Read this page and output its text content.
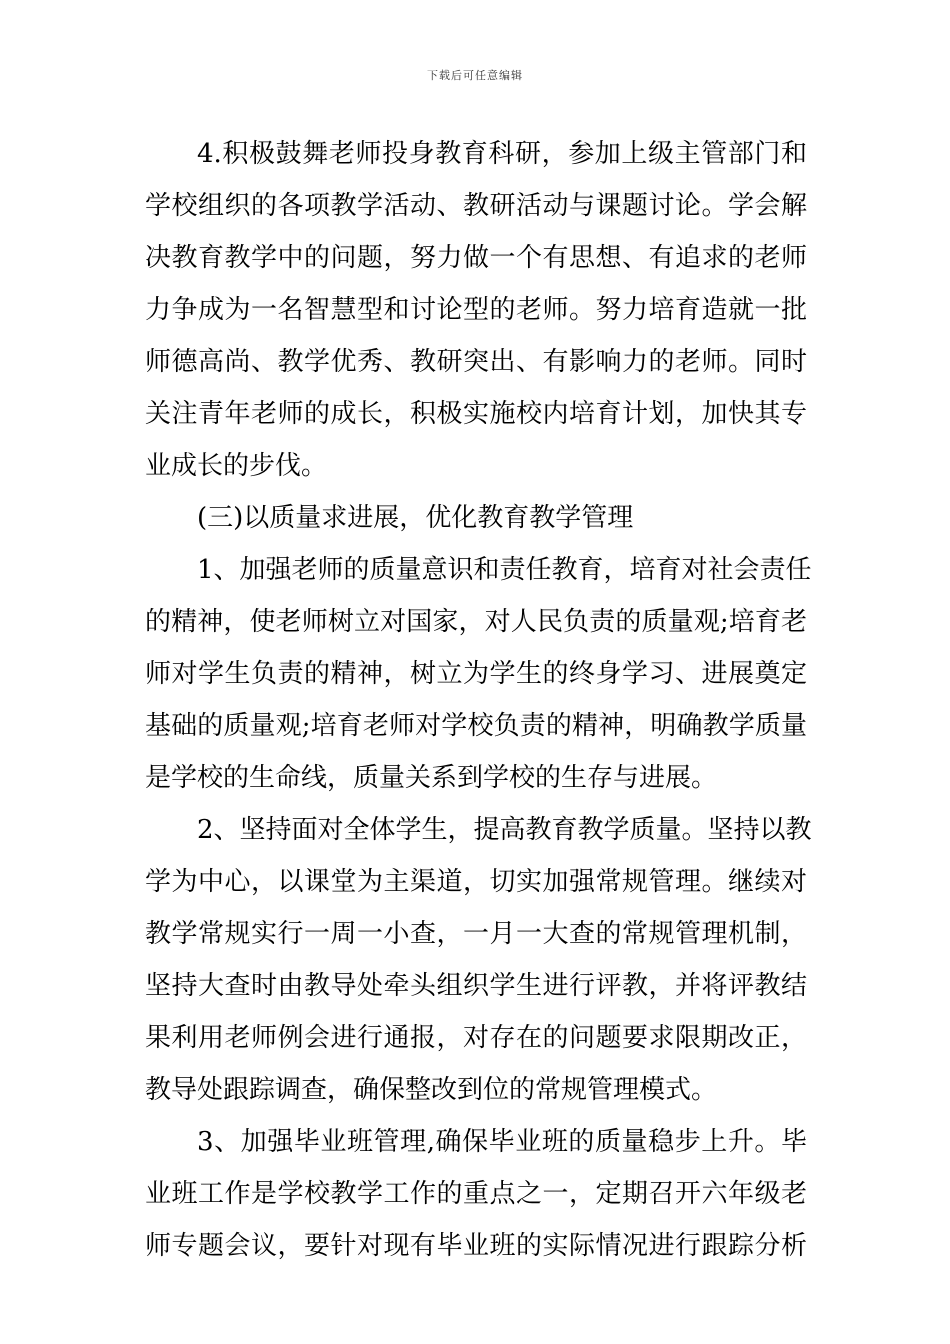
下载后可任意编辑
4.积极鼓舞老师投身教育科研，参加上级主管部门和
学校组织的各项教学活动、教研活动与课题讨论。学会解
决教育教学中的问题，努力做一个有思想、有追求的老师
力争成为一名智慧型和讨论型的老师。努力培育造就一批
师德高尚、教学优秀、教研突出、有影响力的老师。同时
关注青年老师的成长，积极实施校内培育计划，加快其专
业成长的步伐。
(三)以质量求进展，优化教育教学管理
1、加强老师的质量意识和责任教育，培育对社会责任
的精神，使老师树立对国家，对人民负责的质量观;培育老
师对学生负责的精神，树立为学生的终身学习、进展奠定
基础的质量观;培育老师对学校负责的精神，明确教学质量
是学校的生命线，质量关系到学校的生存与进展。
2、坚持面对全体学生，提高教育教学质量。坚持以教
学为中心，以课堂为主渠道，切实加强常规管理。继续对
教学常规实行一周一小查，一月一大查的常规管理机制，
坚持大查时由教导处牵头组织学生进行评教，并将评教结
果利用老师例会进行通报，对存在的问题要求限期改正，
教导处跟踪调查，确保整改到位的常规管理模式。
3、加强毕业班管理,确保毕业班的质量稳步上升。毕
业班工作是学校教学工作的重点之一，定期召开六年级老
师专题会议，要针对现有毕业班的实际情况进行跟踪分析
